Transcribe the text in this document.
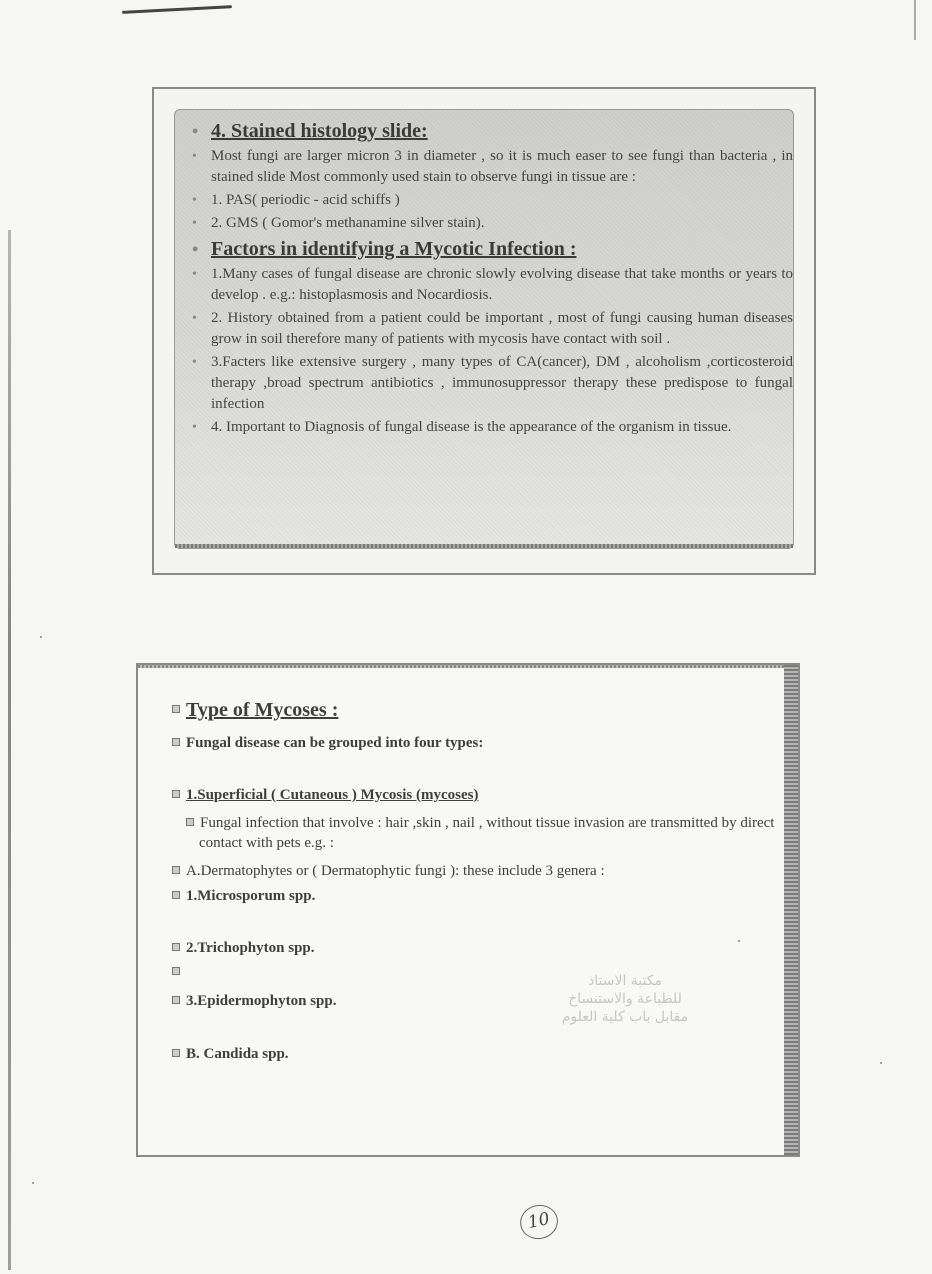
• 4. Stained histology slide:
• Most fungi are larger micron 3 in diameter , so it is much easer to see fungi than bacteria , in stained slide Most commonly used stain to observe fungi in tissue are :
• 1. PAS( periodic - acid schiffs )
• 2. GMS ( Gomor's methanamine silver stain).
• Factors in identifying a Mycotic Infection :
• 1.Many cases of fungal disease are chronic slowly evolving disease that take months or years to develop . e.g.: histoplasmosis and Nocardiosis.
• 2. History obtained from a patient could be important , most of fungi causing human diseases grow in soil therefore many of patients with mycosis have contact with soil .
• 3.Facters like extensive surgery , many types of CA(cancer), DM , alcoholism ,corticosteroid therapy ,broad spectrum antibiotics , immunosuppressor therapy these predispose to fungal infection
• 4. Important to Diagnosis of fungal disease is the appearance of the organism in tissue.
Type of Mycoses :
Fungal disease can be grouped into four types:
1.Superficial ( Cutaneous ) Mycosis (mycoses)
Fungal infection that involve : hair ,skin , nail , without tissue invasion are transmitted by direct contact with pets e.g. :
A.Dermatophytes or ( Dermatophytic fungi ): these include 3 genera :
1.Microsporum spp.
2.Trichophyton spp.
3.Epidermophyton spp.
B. Candida spp.
مكتبة الاستاذ
للطباعة والاستنساخ
مقابل باب كلية العلوم
10
